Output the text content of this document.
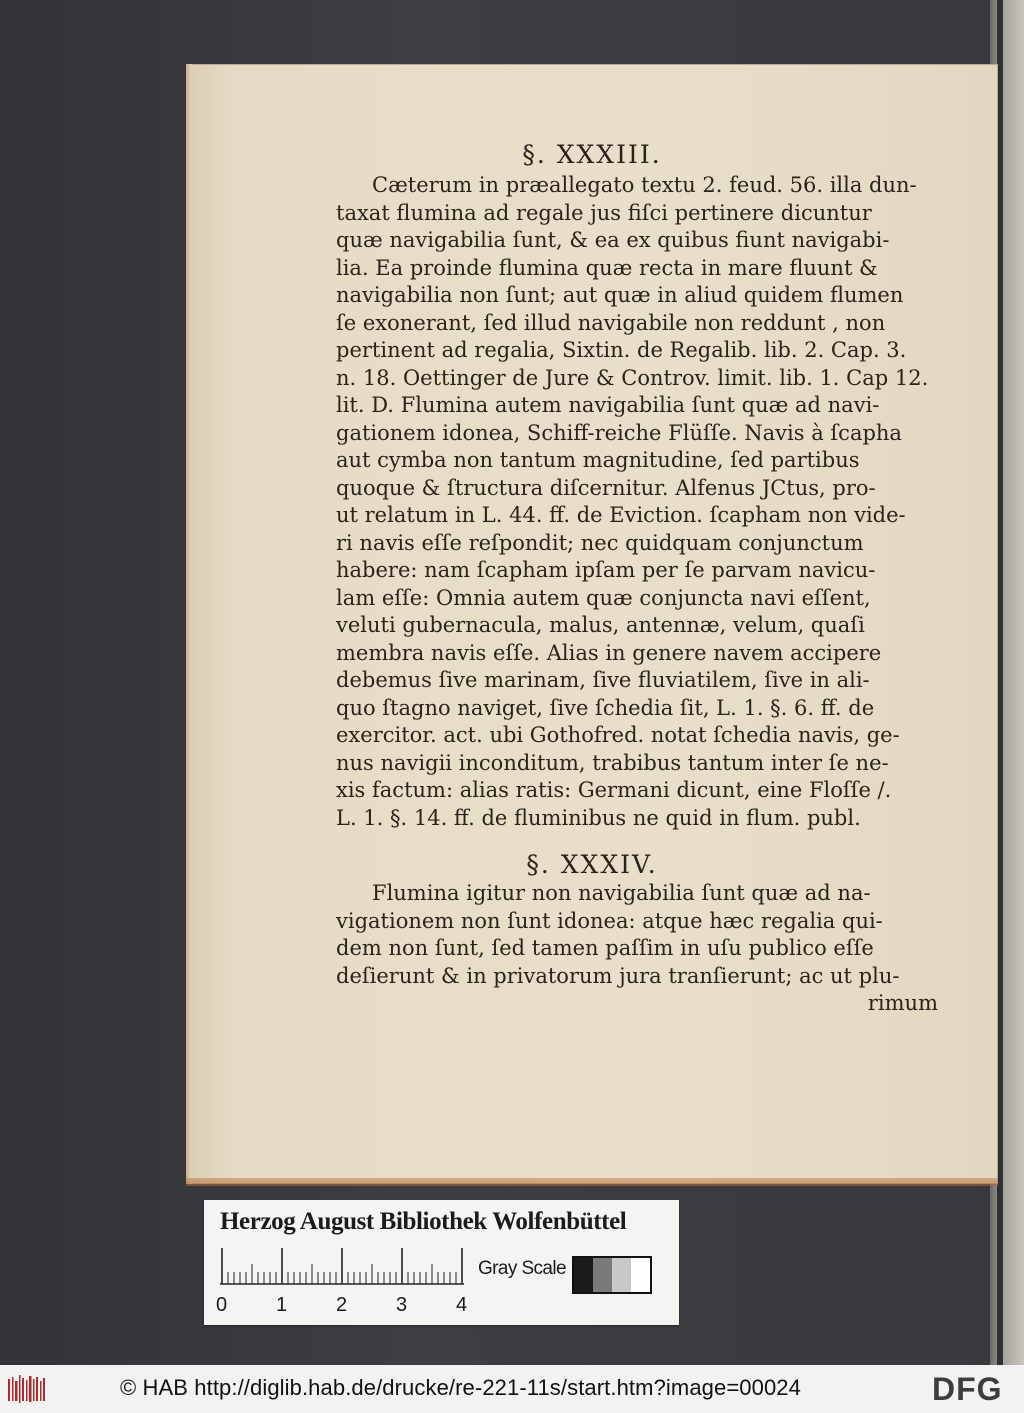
§. XXXIII.
Cæterum in præallegato textu 2. feud. 56. illa dun-
taxat flumina ad regale jus fiſci pertinere dicuntur
quæ navigabilia ſunt, & ea ex quibus fiunt navigabi-
lia. Ea proinde flumina quæ recta in mare fluunt &
navigabilia non ſunt; aut quæ in aliud quidem flumen
ſe exonerant, ſed illud navigabile non reddunt , non
pertinent ad regalia, Sixtin. de Regalib. lib. 2. Cap. 3.
n. 18. Oettinger de Jure & Controv. limit. lib. 1. Cap 12.
lit. D. Flumina autem navigabilia ſunt quæ ad navi-
gationem idonea, Schiff-reiche Flüſſe. Navis à ſcapha
aut cymba non tantum magnitudine, ſed partibus
quoque & ſtructura diſcernitur. Alfenus JCtus, pro-
ut relatum in L. 44. ff. de Eviction. ſcapham non vide-
ri navis eſſe reſpondit; nec quidquam conjunctum
habere: nam ſcapham ipſam per ſe parvam navicu-
lam eſſe: Omnia autem quæ conjuncta navi eſſent,
veluti gubernacula, malus, antennæ, velum, quaſi
membra navis eſſe. Alias in genere navem accipere
debemus ſive marinam, ſive fluviatilem, ſive in ali-
quo ſtagno naviget, ſive ſchedia ſit, L. 1. §. 6. ff. de
exercitor. act. ubi Gothofred. notat ſchedia navis, ge-
nus navigii inconditum, trabibus tantum inter ſe ne-
xis factum: alias ratis: Germani dicunt, eine Floſſe /.
L. 1. §. 14. ff. de fluminibus ne quid in flum. publ.
§. XXXIV.
Flumina igitur non navigabilia ſunt quæ ad na-
vigationem non ſunt idonea: atque hæc regalia qui-
dem non ſunt, ſed tamen paſſim in uſu publico eſſe
deſierunt & in privatorum jura tranſierunt; ac ut plu-
rimum
Herzog August Bibliothek Wolfenbüttel
0 1 2 3 4
Gray Scale
© HAB http://diglib.hab.de/drucke/re-221-11s/start.htm?image=00024	DFG
